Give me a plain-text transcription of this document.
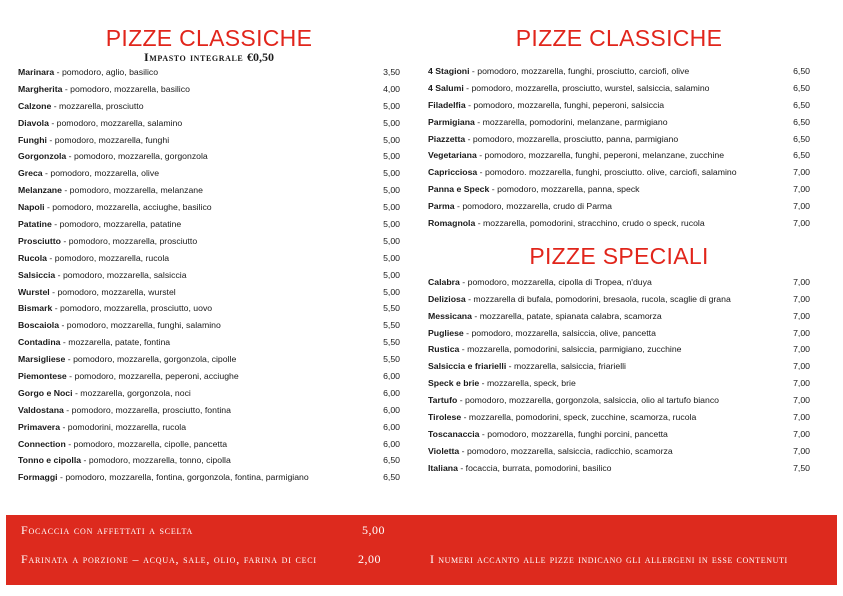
PIZZE CLASSICHE
Impasto integrale €0,50
Marinara - pomodoro, aglio, basilico	3,50
Margherita - pomodoro, mozzarella, basilico	4,00
Calzone - mozzarella, prosciutto	5,00
Diavola - pomodoro, mozzarella, salamino	5,00
Funghi - pomodoro, mozzarella, funghi	5,00
Gorgonzola - pomodoro, mozzarella, gorgonzola	5,00
Greca - pomodoro, mozzarella, olive	5,00
Melanzane - pomodoro, mozzarella, melanzane	5,00
Napoli - pomodoro, mozzarella, acciughe, basilico	5,00
Patatine - pomodoro, mozzarella, patatine	5,00
Prosciutto - pomodoro, mozzarella, prosciutto	5,00
Rucola - pomodoro, mozzarella, rucola	5,00
Salsiccia - pomodoro, mozzarella, salsiccia	5,00
Wurstel - pomodoro, mozzarella, wurstel	5,00
Bismark - pomodoro, mozzarella, prosciutto, uovo	5,50
Boscaiola - pomodoro, mozzarella, funghi, salamino	5,50
Contadina - mozzarella, patate, fontina	5,50
Marsigliese - pomodoro, mozzarella, gorgonzola, cipolle	5,50
Piemontese - pomodoro, mozzarella, peperoni, acciughe	6,00
Gorgo e Noci - mozzarella, gorgonzola, noci	6,00
Valdostana - pomodoro, mozzarella, prosciutto, fontina	6,00
Primavera - pomodorini, mozzarella, rucola	6,00
Connection - pomodoro, mozzarella, cipolle, pancetta	6,00
Tonno e cipolla - pomodoro, mozzarella, tonno, cipolla	6,50
Formaggi - pomodoro, mozzarella, fontina, gorgonzola, fontina, parmigiano	6,50
PIZZE CLASSICHE
4 Stagioni - pomodoro, mozzarella, funghi, prosciutto, carciofi, olive	6,50
4 Salumi - pomodoro, mozzarella, prosciutto, wurstel, salsiccia, salamino	6,50
Filadelfia - pomodoro, mozzarella, funghi, peperoni, salsiccia	6,50
Parmigiana - mozzarella, pomodorini, melanzane, parmigiano	6,50
Piazzetta - pomodoro, mozzarella, prosciutto, panna, parmigiano	6,50
Vegetariana - pomodoro, mozzarella, funghi, peperoni, melanzane, zucchine	6,50
Capricciosa - pomodoro. mozzarella, funghi, prosciutto. olive, carciofi, salamino	7,00
Panna e Speck - pomodoro, mozzarella, panna, speck	7,00
Parma - pomodoro, mozzarella, crudo di Parma	7,00
Romagnola - mozzarella, pomodorini, stracchino, crudo o speck, rucola	7,00
PIZZE SPECIALI
Calabra - pomodoro, mozzarella, cipolla di Tropea, n'duya	7,00
Deliziosa - mozzarella di bufala, pomodorini, bresaola, rucola, scaglie di grana	7,00
Messicana - mozzarella, patate, spianata calabra, scamorza	7,00
Pugliese - pomodoro, mozzarella, salsiccia, olive, pancetta	7,00
Rustica - mozzarella, pomodorini, salsiccia, parmigiano, zucchine	7,00
Salsiccia e friarielli - mozzarella, salsiccia, friarielli	7,00
Speck e brie - mozzarella, speck, brie	7,00
Tartufo - pomodoro, mozzarella, gorgonzola, salsiccia, olio al tartufo bianco	7,00
Tirolese - mozzarella, pomodorini, speck, zucchine, scamorza, rucola	7,00
Toscanaccia - pomodoro, mozzarella, funghi porcini, pancetta	7,00
Violetta - pomodoro, mozzarella, salsiccia, radicchio, scamorza	7,00
Italiana - focaccia, burrata, pomodorini, basilico	7,50
Focaccia con affettati a scelta	5,00
Farinata a porzione – acqua, sale, olio, farina di ceci	2,00	I numeri accanto alle pizze indicano gli allergeni in esse contenuti
